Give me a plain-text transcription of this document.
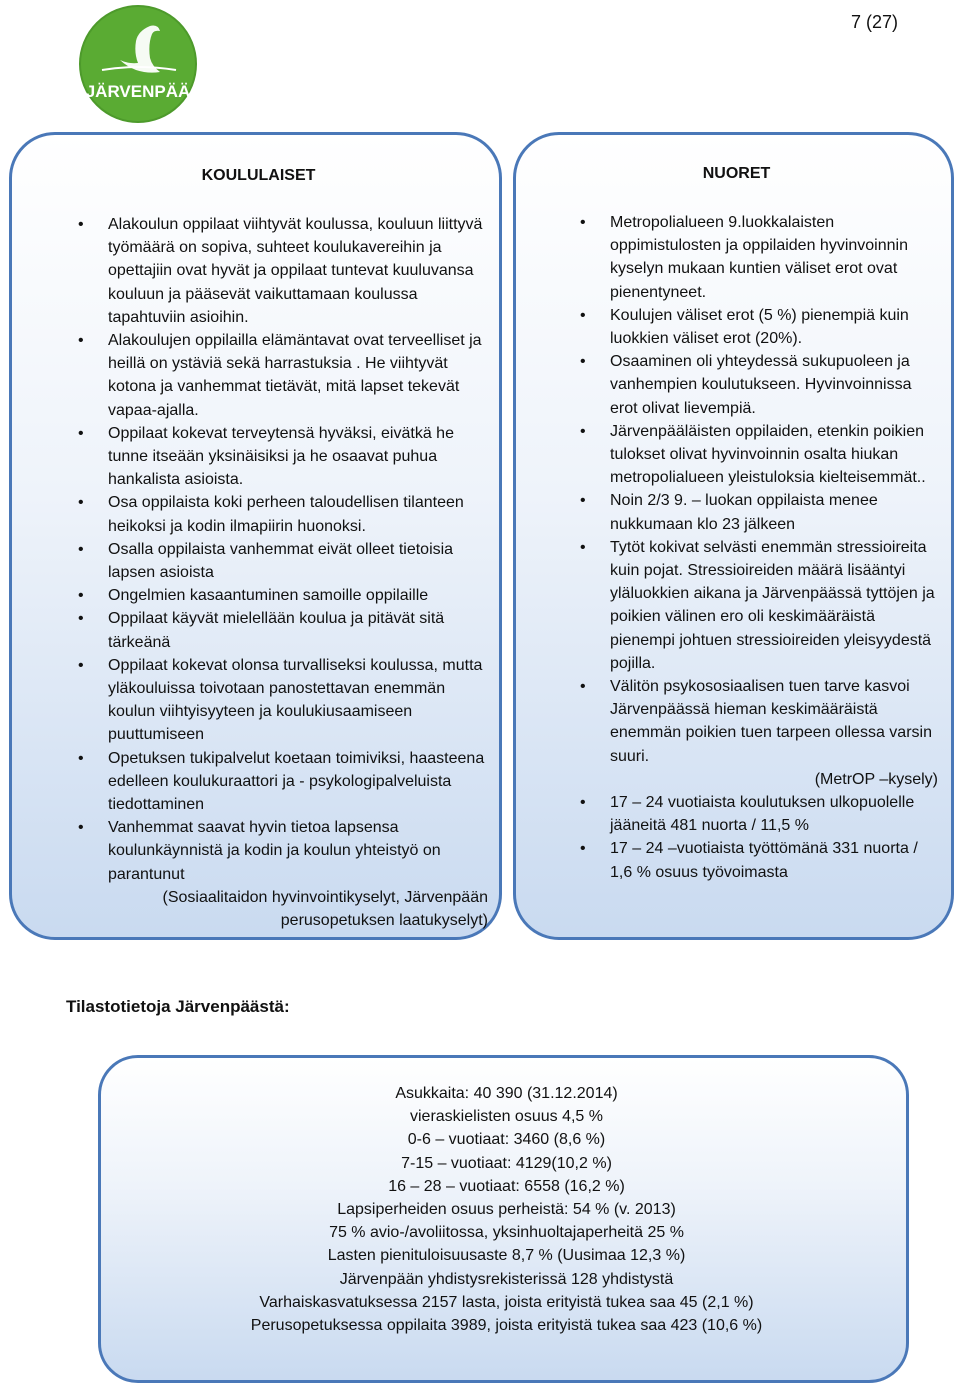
7 (27)
JÄRVENPÄÄ
KOULULAISET
• Alakoulun oppilaat viihtyvät koulussa, kouluun liittyvä työmäärä on sopiva, suhteet koulukavereihin ja opettajiin ovat hyvät ja oppilaat tuntevat kuuluvansa kouluun ja pääsevät vaikuttamaan koulussa tapahtuviin asioihin.
• Alakoulujen oppilailla elämäntavat ovat terveelliset ja heillä on ystäviä sekä harrastuksia . He viihtyvät kotona ja vanhemmat tietävät, mitä lapset tekevät vapaa-ajalla.
• Oppilaat kokevat terveytensä hyväksi, eivätkä he tunne itseään yksinäisiksi ja he osaavat puhua hankalista asioista.
• Osa oppilaista koki perheen taloudellisen tilanteen heikoksi ja kodin ilmapiirin huonoksi.
• Osalla oppilaista vanhemmat eivät olleet tietoisia lapsen asioista
• Ongelmien kasaantuminen samoille oppilaille
• Oppilaat käyvät mielellään koulua ja pitävät sitä tärkeänä
• Oppilaat kokevat olonsa turvalliseksi koulussa, mutta yläkouluissa toivotaan panostettavan enemmän koulun viihtyisyyteen ja koulukiusaamiseen puuttumiseen
• Opetuksen tukipalvelut koetaan toimiviksi, haasteena edelleen koulukuraattori ja - psykologipalveluista tiedottaminen
• Vanhemmat saavat hyvin tietoa lapsensa koulunkäynnistä ja kodin ja koulun yhteistyö on parantunut
(Sosiaalitaidon hyvinvointikyselyt, Järvenpään perusopetuksen laatukyselyt)
NUORET
• Metropolialueen 9.luokkalaisten oppimistulosten ja oppilaiden hyvinvoinnin kyselyn mukaan kuntien väliset erot ovat pienentyneet.
• Koulujen väliset erot (5 %) pienempiä kuin luokkien väliset erot (20%).
• Osaaminen oli yhteydessä sukupuoleen ja vanhempien koulutukseen. Hyvinvoinnissa erot olivat lievempiä.
• Järvenpääläisten oppilaiden, etenkin poikien tulokset olivat hyvinvoinnin osalta hiukan metropolialueen yleistuloksia kielteisemmät..
• Noin 2/3 9. – luokan oppilaista menee nukkumaan klo 23 jälkeen
• Tytöt kokivat selvästi enemmän stressioireita kuin pojat. Stressioireiden määrä lisääntyi yläluokkien aikana ja Järvenpäässä tyttöjen ja poikien välinen ero oli keskimääräistä pienempi johtuen stressioireiden yleisyydestä pojilla.
• Välitön psykososiaalisen tuen tarve kasvoi Järvenpäässä hieman keskimääräistä enemmän poikien tuen tarpeen ollessa varsin suuri.
(MetrOP –kysely)
• 17 – 24 vuotiaista koulutuksen ulkopuolelle jääneitä 481 nuorta / 11,5 %
• 17 – 24 –vuotiaista työttömänä 331 nuorta / 1,6 % osuus työvoimasta
Tilastotietoja Järvenpäästä:
Asukkaita: 40 390 (31.12.2014)
vieraskielisten osuus 4,5 %
0-6 – vuotiaat: 3460 (8,6 %)
7-15 – vuotiaat: 4129(10,2 %)
16 – 28 – vuotiaat: 6558 (16,2 %)
Lapsiperheiden osuus perheistä: 54 % (v. 2013)
75 % avio-/avoliitossa, yksinhuoltajaperheitä 25 %
Lasten pienituloisuusaste 8,7 % (Uusimaa 12,3 %)
Järvenpään yhdistysrekisterissä 128 yhdistystä
Varhaiskasvatuksessa 2157 lasta, joista erityistä tukea saa 45 (2,1 %)
Perusopetuksessa oppilaita 3989, joista erityistä tukea saa 423 (10,6 %)
